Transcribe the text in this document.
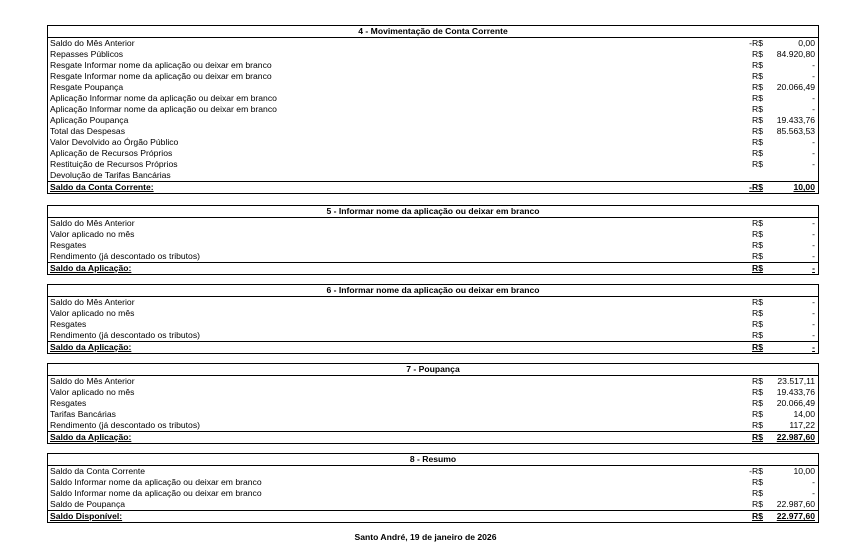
4 - Movimentação de Conta Corrente
Saldo do Mês Anterior	-R$	0,00
Repasses Públicos	R$ 84.920,80
Resgate Informar nome da aplicação ou deixar em branco	R$	-
Resgate Informar nome da aplicação ou deixar em branco	R$	-
Resgate Poupança	R$ 20.066,49
Aplicação Informar nome da aplicação ou deixar em branco	R$	-
Aplicação Informar nome da aplicação ou deixar em branco	R$	-
Aplicação Poupança	R$ 19.433,76
Total das Despesas	R$ 85.563,53
Valor Devolvido ao Órgão Público	R$	-
Aplicação de Recursos Próprios	R$	-
Restituição de Recursos Próprios	R$	-
Devolução de Tarifas Bancárias
Saldo da Conta Corrente:	-R$	10,00
5 - Informar nome da aplicação ou deixar em branco
Saldo do Mês Anterior	R$	-
Valor aplicado no mês	R$	-
Resgates	R$	-
Rendimento (já descontado os tributos)	R$	-
Saldo da Aplicação:	R$	-
6 - Informar nome da aplicação ou deixar em branco
Saldo do Mês Anterior	R$	-
Valor aplicado no mês	R$	-
Resgates	R$	-
Rendimento (já descontado os tributos)	R$	-
Saldo da Aplicação:	R$	-
7 - Poupança
Saldo do Mês Anterior	R$ 23.517,11
Valor aplicado no mês	R$ 19.433,76
Resgates	R$ 20.066,49
Tarifas Bancárias	R$	14,00
Rendimento (já descontado os tributos)	R$	117,22
Saldo da Aplicação:	R$ 22.987,60
8 - Resumo
Saldo da Conta Corrente	-R$	10,00
Saldo Informar nome da aplicação ou deixar em branco	R$	-
Saldo Informar nome da aplicação ou deixar em branco	R$	-
Saldo de Poupança	R$ 22.987,60
Saldo Disponível:	R$ 22.977,60
Santo André, 19 de janeiro de 2026
